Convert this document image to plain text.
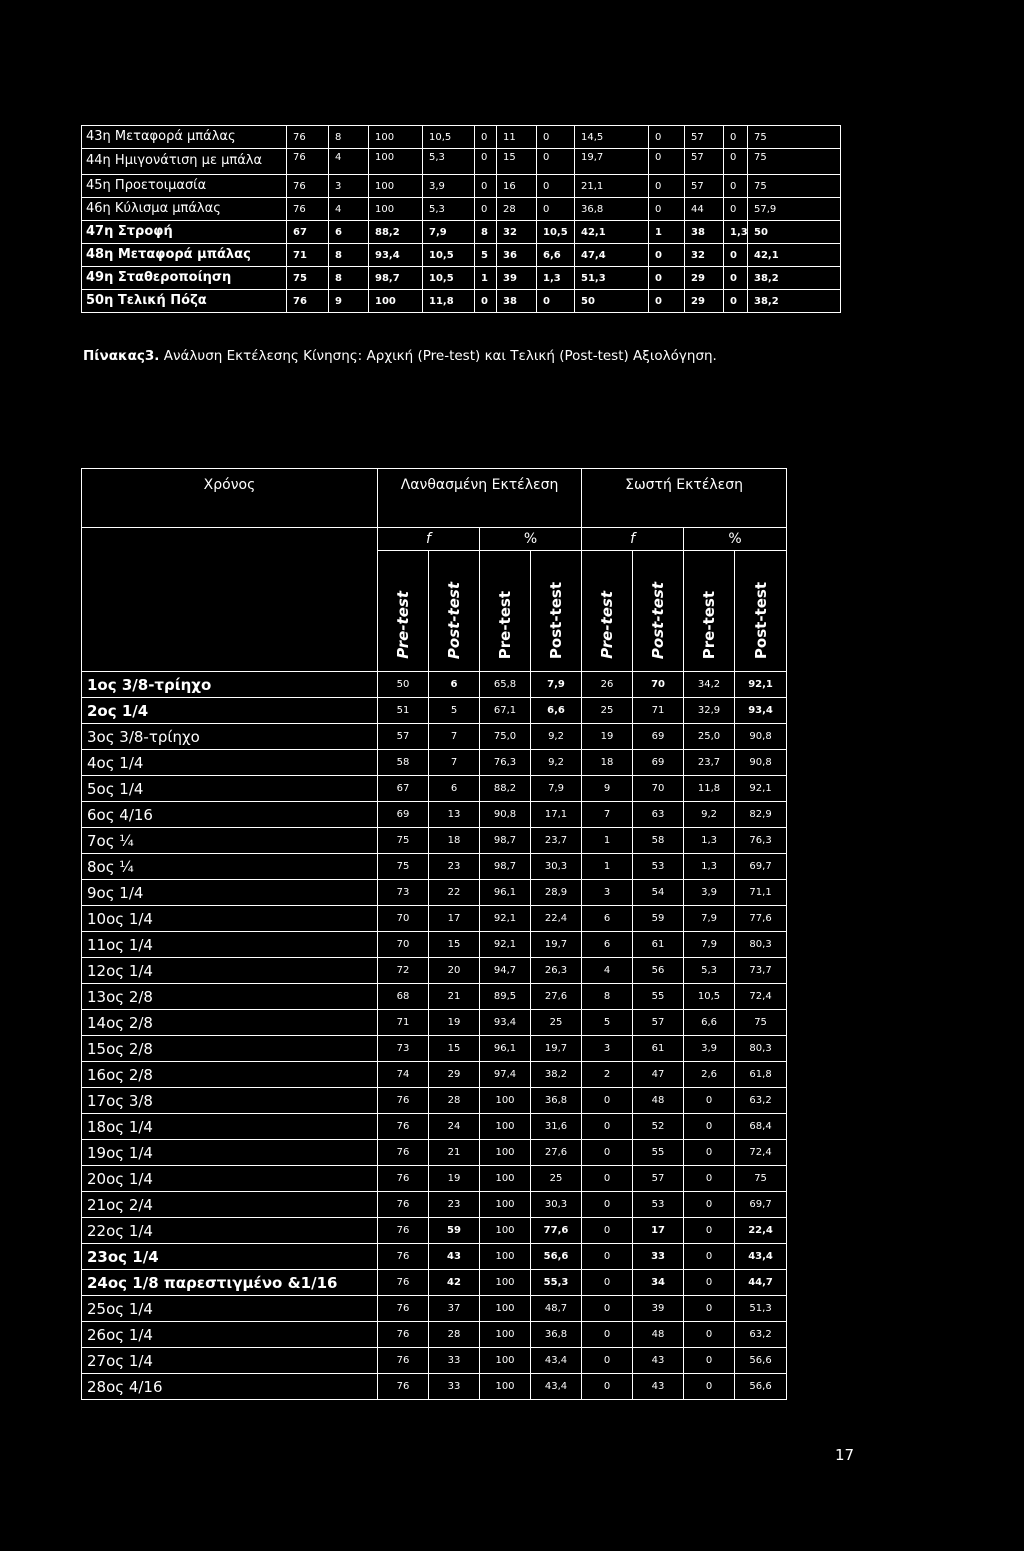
43η Μεταφορά μπάλας	76	8	100	10,5	0	11	0	14,5	0	57	0	75
44η Ημιγονάτιση με μπάλα	76	4	100	5,3	0	15	0	19,7	0	57	0	75
45η Προετοιμασία	76	3	100	3,9	0	16	0	21,1	0	57	0	75
46η Κύλισμα μπάλας	76	4	100	5,3	0	28	0	36,8	0	44	0	57,9
47η Στροφή	67	6	88,2	7,9	8	32	10,5	42,1	1	38	1,3	50
48η Μεταφορά μπάλας	71	8	93,4	10,5	5	36	6,6	47,4	0	32	0	42,1
49η Σταθεροποίηση	75	8	98,7	10,5	1	39	1,3	51,3	0	29	0	38,2
50η Τελική Πόζα	76	9	100	11,8	0	38	0	50	0	29	0	38,2
Πίνακας3. Ανάλυση Εκτέλεσης Κίνησης: Αρχική (Pre-test) και Τελική (Post-test) Αξιολόγηση.
Χρόνος	Λανθασμένη Εκτέλεση				Σωστή Εκτέλεση			

	f		%		f		%	
	Pre-test	Post-test	Pre-test	Post-test	Pre-test	Post-test	Pre-test	Post-test
1ος 3/8-τρίηχο	50	6	65,8	7,9	26	70	34,2	92,1
2ος 1/4	51	5	67,1	6,6	25	71	32,9	93,4
3ος 3/8-τρίηχο	57	7	75,0	9,2	19	69	25,0	90,8
4ος 1/4	58	7	76,3	9,2	18	69	23,7	90,8
5ος 1/4	67	6	88,2	7,9	9	70	11,8	92,1
6ος 4/16	69	13	90,8	17,1	7	63	9,2	82,9
7ος ¼	75	18	98,7	23,7	1	58	1,3	76,3
8ος ¼	75	23	98,7	30,3	1	53	1,3	69,7
9ος 1/4	73	22	96,1	28,9	3	54	3,9	71,1
10ος 1/4	70	17	92,1	22,4	6	59	7,9	77,6
11ος 1/4	70	15	92,1	19,7	6	61	7,9	80,3
12ος 1/4	72	20	94,7	26,3	4	56	5,3	73,7
13ος 2/8	68	21	89,5	27,6	8	55	10,5	72,4
14ος 2/8	71	19	93,4	25	5	57	6,6	75
15ος 2/8	73	15	96,1	19,7	3	61	3,9	80,3
16ος 2/8	74	29	97,4	38,2	2	47	2,6	61,8
17ος 3/8	76	28	100	36,8	0	48	0	63,2
18ος 1/4	76	24	100	31,6	0	52	0	68,4
19ος 1/4	76	21	100	27,6	0	55	0	72,4
20ος 1/4	76	19	100	25	0	57	0	75
21ος 2/4	76	23	100	30,3	0	53	0	69,7
22ος 1/4	76	59	100	77,6	0	17	0	22,4
23ος 1/4	76	43	100	56,6	0	33	0	43,4
24ος 1/8 παρεστιγμένο &1/16	76	42	100	55,3	0	34	0	44,7
25ος 1/4	76	37	100	48,7	0	39	0	51,3
26ος 1/4	76	28	100	36,8	0	48	0	63,2
27ος 1/4	76	33	100	43,4	0	43	0	56,6
28ος 4/16	76	33	100	43,4	0	43	0	56,6
17
